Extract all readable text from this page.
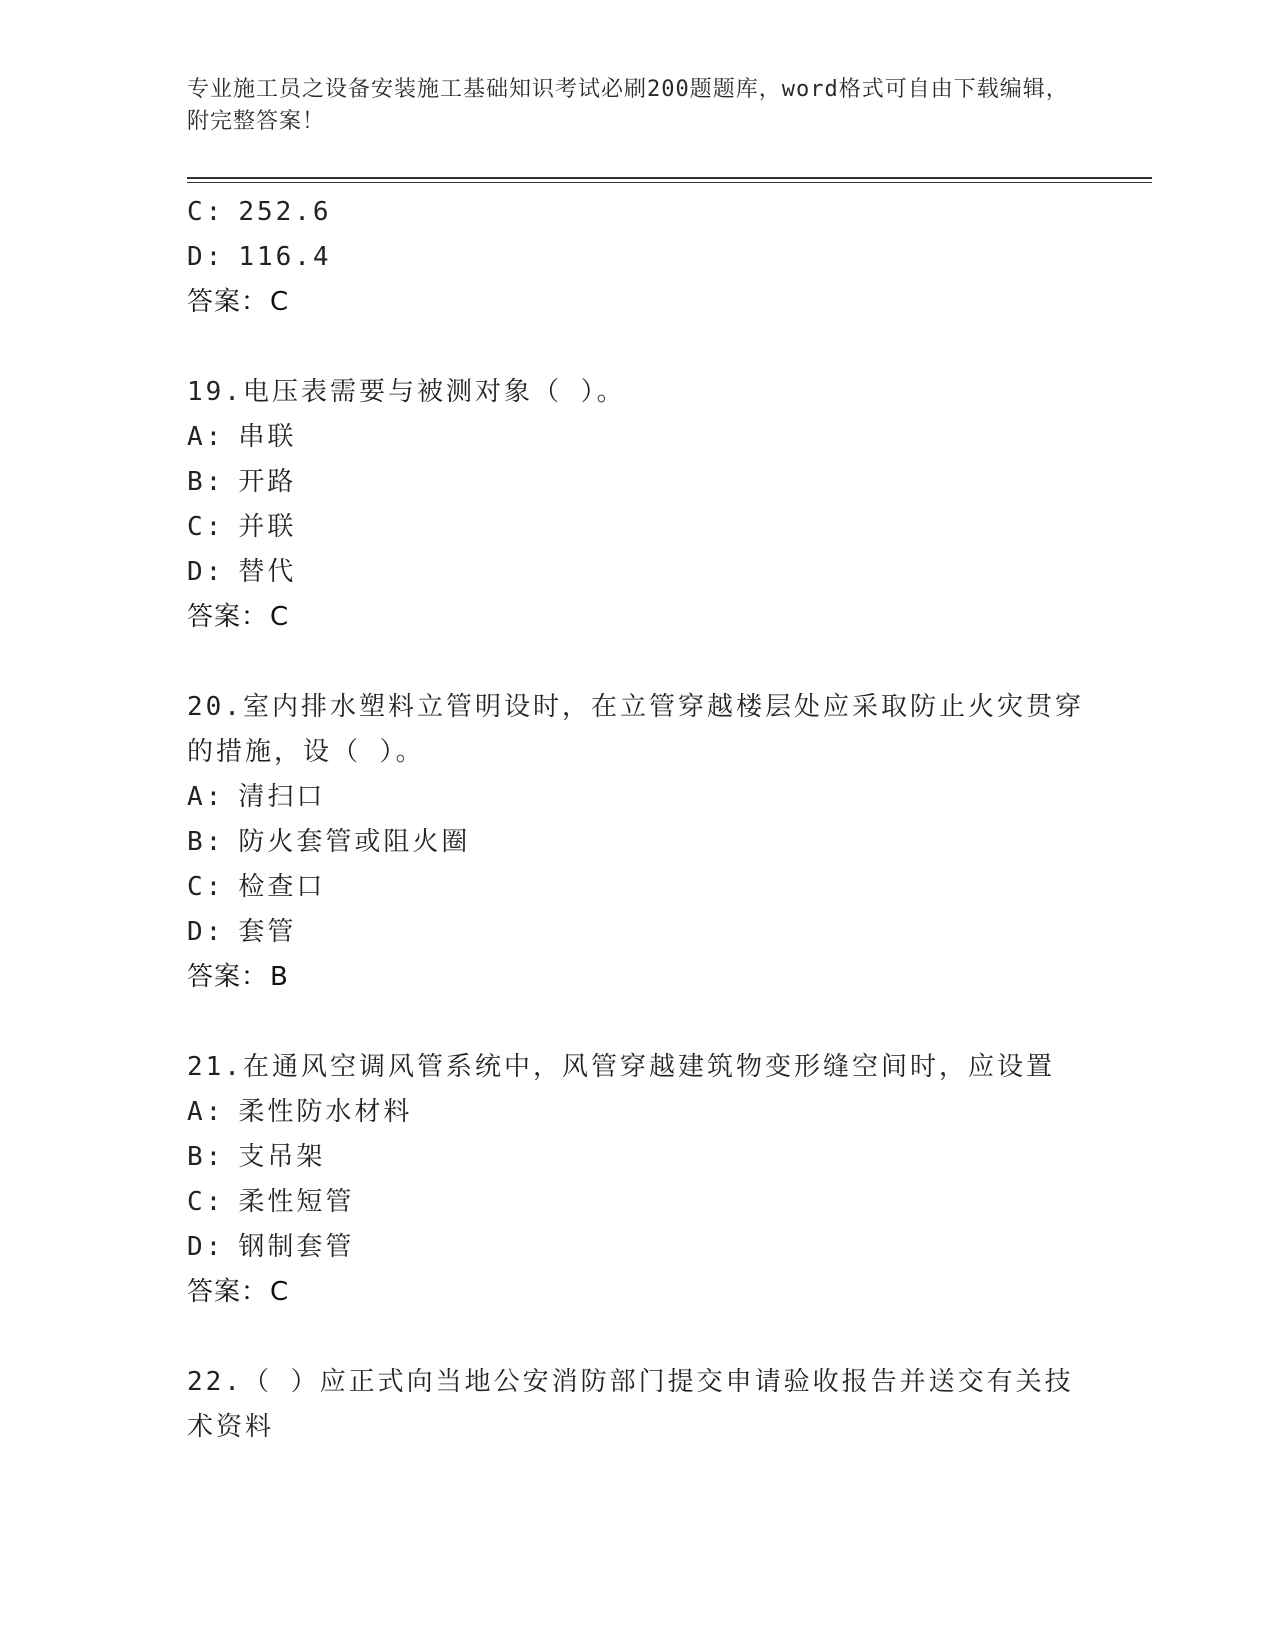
专业施工员之设备安装施工基础知识考试必刷200题题库，word格式可自由下载编辑，附完整答案！
C: 252.6
D: 116.4
答案：C
19.电压表需要与被测对象（ ）。
A: 串联
B: 开路
C: 并联
D: 替代
答案：C
20.室内排水塑料立管明设时，在立管穿越楼层处应采取防止火灾贯穿
的措施，设（ ）。
A: 清扫口
B: 防火套管或阻火圈
C: 检查口
D: 套管
答案：B
21.在通风空调风管系统中，风管穿越建筑物变形缝空间时，应设置
A: 柔性防水材料
B: 支吊架
C: 柔性短管
D: 钢制套管
答案：C
22.（ ）应正式向当地公安消防部门提交申请验收报告并送交有关技
术资料
